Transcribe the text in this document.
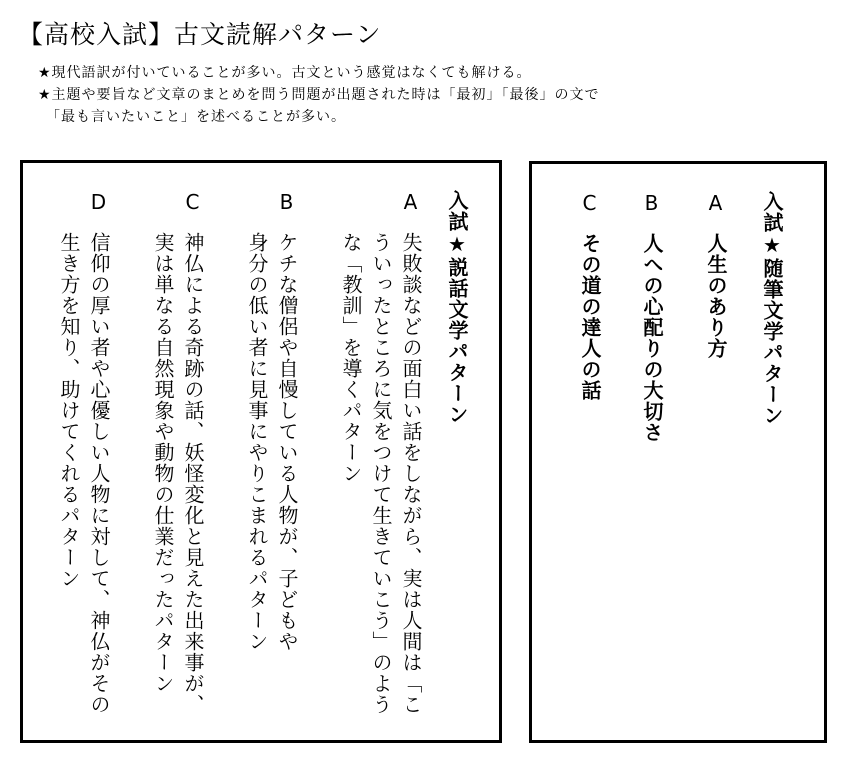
【高校入試】古文読解パターン
★現代語訳が付いていることが多い。古文という感覚はなくても解ける。
★主題や要旨など文章のまとめを問う問題が出題された時は「最初」「最後」の文で
「最も言いたいこと」を述べることが多い。
入試★説話文学パターン
A
失敗談などの面白い話をしながら、実は人間は「こ
ういったところに気をつけて生きていこう」のよう
な「教訓」を導くパターン
B
ケチな僧侶や自慢している人物が、子どもや
身分の低い者に見事にやりこまれるパターン
C
神仏による奇跡の話、妖怪変化と見えた出来事が、
実は単なる自然現象や動物の仕業だったパターン
D
信仰の厚い者や心優しい人物に対して、神仏がその
生き方を知り、助けてくれるパターン	入試★随筆文学パターン
A
人生のあり方
B
人への心配りの大切さ
C
その道の達人の話
